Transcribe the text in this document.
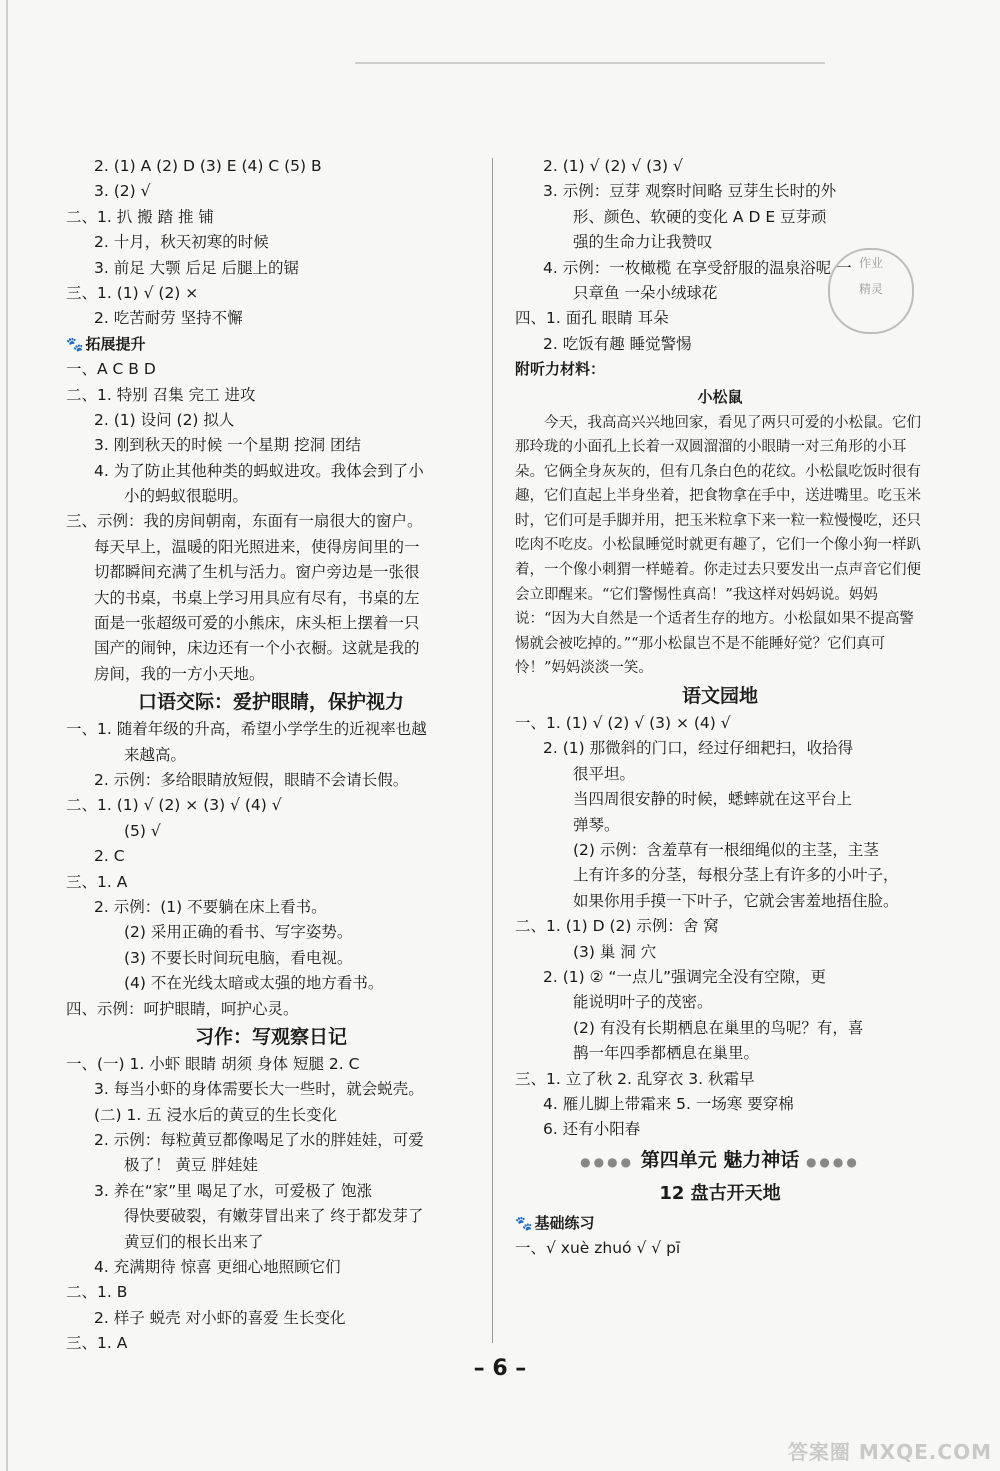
2. (1) A (2) D (3) E (4) C (5) B
3. (2) √
二、1. 扒 搬 踏 推 铺
2. 十月，秋天初寒的时候
3. 前足 大颚 后足 后腿上的锯
三、1. (1) √ (2) ×
2. 吃苦耐劳 坚持不懈
🐾 拓展提升
一、A C B D
二、1. 特别 召集 完工 进攻
2. (1) 设问 (2) 拟人
3. 刚到秋天的时候 一个星期 挖洞 团结
4. 为了防止其他种类的蚂蚁进攻。我体会到了小
小的蚂蚁很聪明。
三、示例：我的房间朝南，东面有一扇很大的窗户。
每天早上，温暖的阳光照进来，使得房间里的一
切都瞬间充满了生机与活力。窗户旁边是一张很
大的书桌，书桌上学习用具应有尽有，书桌的左
面是一张超级可爱的小熊床，床头柜上摆着一只
国产的闹钟，床边还有一个小衣橱。这就是我的
房间，我的一方小天地。
口语交际：爱护眼睛，保护视力
一、1. 随着年级的升高，希望小学学生的近视率也越
来越高。
2. 示例：多给眼睛放短假，眼睛不会请长假。
二、1. (1) √ (2) × (3) √ (4) √
(5) √
2. C
三、1. A
2. 示例：(1) 不要躺在床上看书。
(2) 采用正确的看书、写字姿势。
(3) 不要长时间玩电脑，看电视。
(4) 不在光线太暗或太强的地方看书。
四、示例：呵护眼睛，呵护心灵。
习作：写观察日记
一、(一) 1. 小虾 眼睛 胡须 身体 短腿 2. C
3. 每当小虾的身体需要长大一些时，就会蜕壳。
(二) 1. 五 浸水后的黄豆的生长变化
2. 示例：每粒黄豆都像喝足了水的胖娃娃，可爱
极了！ 黄豆 胖娃娃
3. 养在“家”里 喝足了水，可爱极了 饱涨
得快要破裂，有嫩芽冒出来了 终于都发芽了
黄豆们的根长出来了
4. 充满期待 惊喜 更细心地照顾它们
二、1. B
2. 样子 蜕壳 对小虾的喜爱 生长变化
三、1. A
2. (1) √ (2) √ (3) √
3. 示例：豆芽 观察时间略 豆芽生长时的外
形、颜色、软硬的变化 A D E 豆芽顽
强的生命力让我赞叹
4. 示例：一枚橄榄 在享受舒服的温泉浴呢 一
只章鱼 一朵小绒球花
四、1. 面孔 眼睛 耳朵
2. 吃饭有趣 睡觉警惕
附听力材料：
小松鼠
今天，我高高兴兴地回家，看见了两只可爱的小松鼠。它们那玲珑的小面孔上长着一双圆溜溜的小眼睛一对三角形的小耳朵。它俩全身灰灰的，但有几条白色的花纹。小松鼠吃饭时很有趣，它们直起上半身坐着，把食物拿在手中，送进嘴里。吃玉米时，它们可是手脚并用，把玉米粒拿下来一粒一粒慢慢吃，还只吃肉不吃皮。小松鼠睡觉时就更有趣了，它们一个像小狗一样趴着，一个像小刺猬一样蜷着。你走过去只要发出一点声音它们便会立即醒来。“它们警惕性真高！”我这样对妈妈说。妈妈说：“因为大自然是一个适者生存的地方。小松鼠如果不提高警惕就会被吃掉的。”“那小松鼠岂不是不能睡好觉？它们真可怜！”妈妈淡淡一笑。
语文园地
一、1. (1) √ (2) √ (3) × (4) √
2. (1) 那微斜的门口，经过仔细耙扫，收拾得
很平坦。
当四周很安静的时候，蟋蟀就在这平台上
弹琴。
(2) 示例：含羞草有一根细绳似的主茎，主茎
上有许多的分茎，每根分茎上有许多的小叶子，
如果你用手摸一下叶子，它就会害羞地捂住脸。
二、1. (1) D (2) 示例：舍 窝
(3) 巢 洞 穴
2. (1) ② “一点儿”强调完全没有空隙，更
能说明叶子的茂密。
(2) 有没有长期栖息在巢里的鸟呢？有，喜
鹊一年四季都栖息在巢里。
三、1. 立了秋 2. 乱穿衣 3. 秋霜早
4. 雁儿脚上带霜来 5. 一场寒 要穿棉
6. 还有小阳春
●●●● 第四单元 魅力神话 ●●●●
12 盘古开天地
🐾 基础练习
一、√ xuè zhuó √ √ pī
作业
精灵
– 6 –
答案圈 MXQE.COM
